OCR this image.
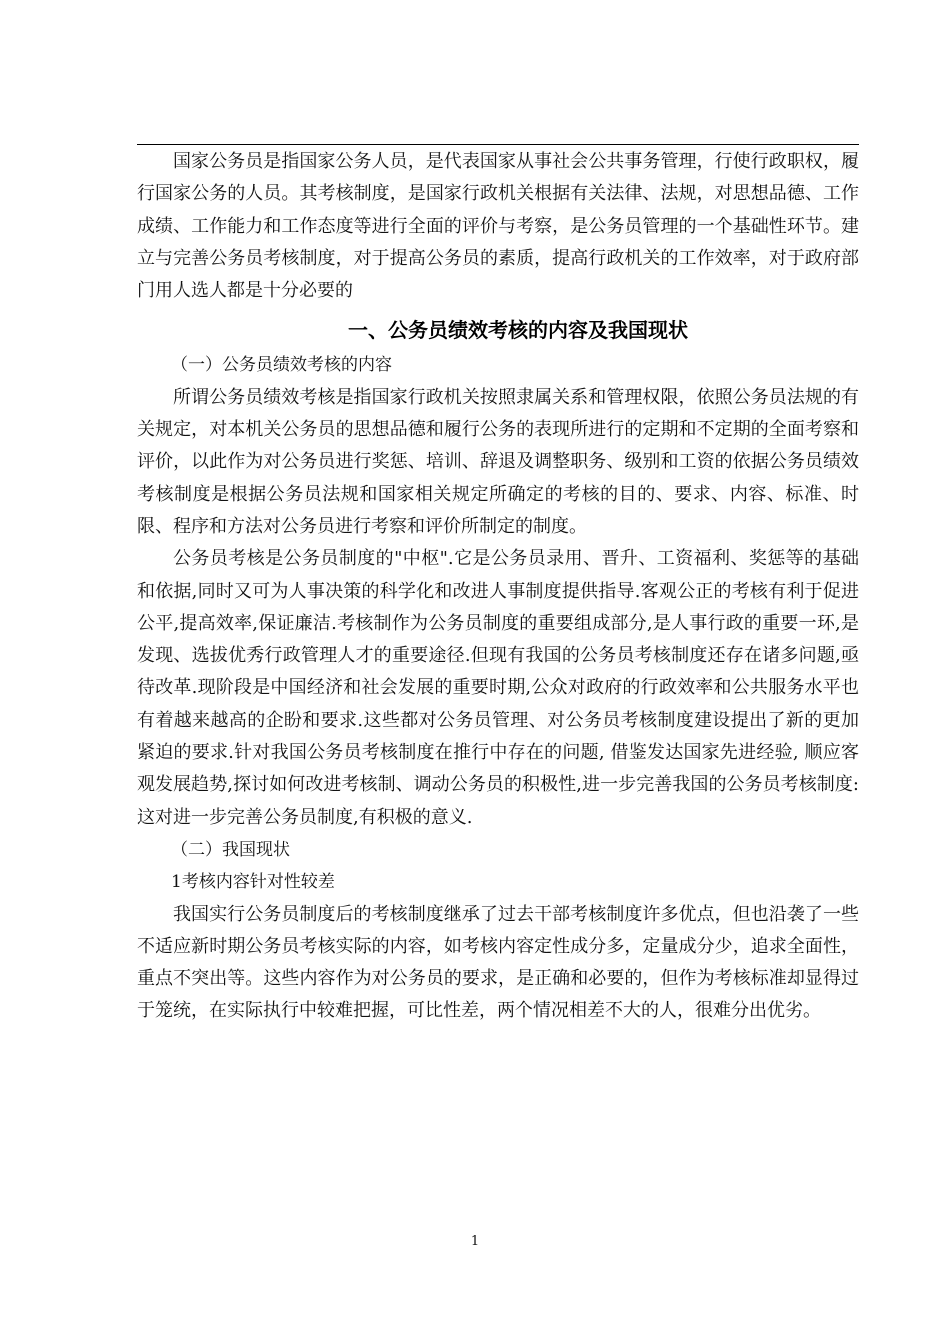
国家公务员是指国家公务人员，是代表国家从事社会公共事务管理，行使行政职权，履行国家公务的人员。其考核制度，是国家行政机关根据有关法律、法规，对思想品德、工作成绩、工作能力和工作态度等进行全面的评价与考察，是公务员管理的一个基础性环节。建立与完善公务员考核制度，对于提高公务员的素质，提高行政机关的工作效率，对于政府部门用人选人都是十分必要的

一、公务员绩效考核的内容及我国现状

（一）公务员绩效考核的内容

所谓公务员绩效考核是指国家行政机关按照隶属关系和管理权限，依照公务员法规的有关规定，对本机关公务员的思想品德和履行公务的表现所进行的定期和不定期的全面考察和评价，以此作为对公务员进行奖惩、培训、辞退及调整职务、级别和工资的依据公务员绩效考核制度是根据公务员法规和国家相关规定所确定的考核的目的、要求、内容、标准、时限、程序和方法对公务员进行考察和评价所制定的制度。

公务员考核是公务员制度的"中枢".它是公务员录用、晋升、工资福利、奖惩等的基础和依据,同时又可为人事决策的科学化和改进人事制度提供指导.客观公正的考核有利于促进公平,提高效率,保证廉洁.考核制作为公务员制度的重要组成部分,是人事行政的重要一环,是发现、选拔优秀行政管理人才的重要途径.但现有我国的公务员考核制度还存在诸多问题,亟待改革.现阶段是中国经济和社会发展的重要时期,公众对政府的行政效率和公共服务水平也有着越来越高的企盼和要求.这些都对公务员管理、对公务员考核制度建设提出了新的更加紧迫的要求.针对我国公务员考核制度在推行中存在的问题, 借鉴发达国家先进经验, 顺应客观发展趋势,探讨如何改进考核制、调动公务员的积极性,进一步完善我国的公务员考核制度:这对进一步完善公务员制度,有积极的意义.

（二）我国现状

1考核内容针对性较差

我国实行公务员制度后的考核制度继承了过去干部考核制度许多优点，但也沿袭了一些不适应新时期公务员考核实际的内容，如考核内容定性成分多，定量成分少，追求全面性，重点不突出等。这些内容作为对公务员的要求，是正确和必要的，但作为考核标准却显得过于笼统，在实际执行中较难把握，可比性差，两个情况相差不大的人，很难分出优劣。

1
